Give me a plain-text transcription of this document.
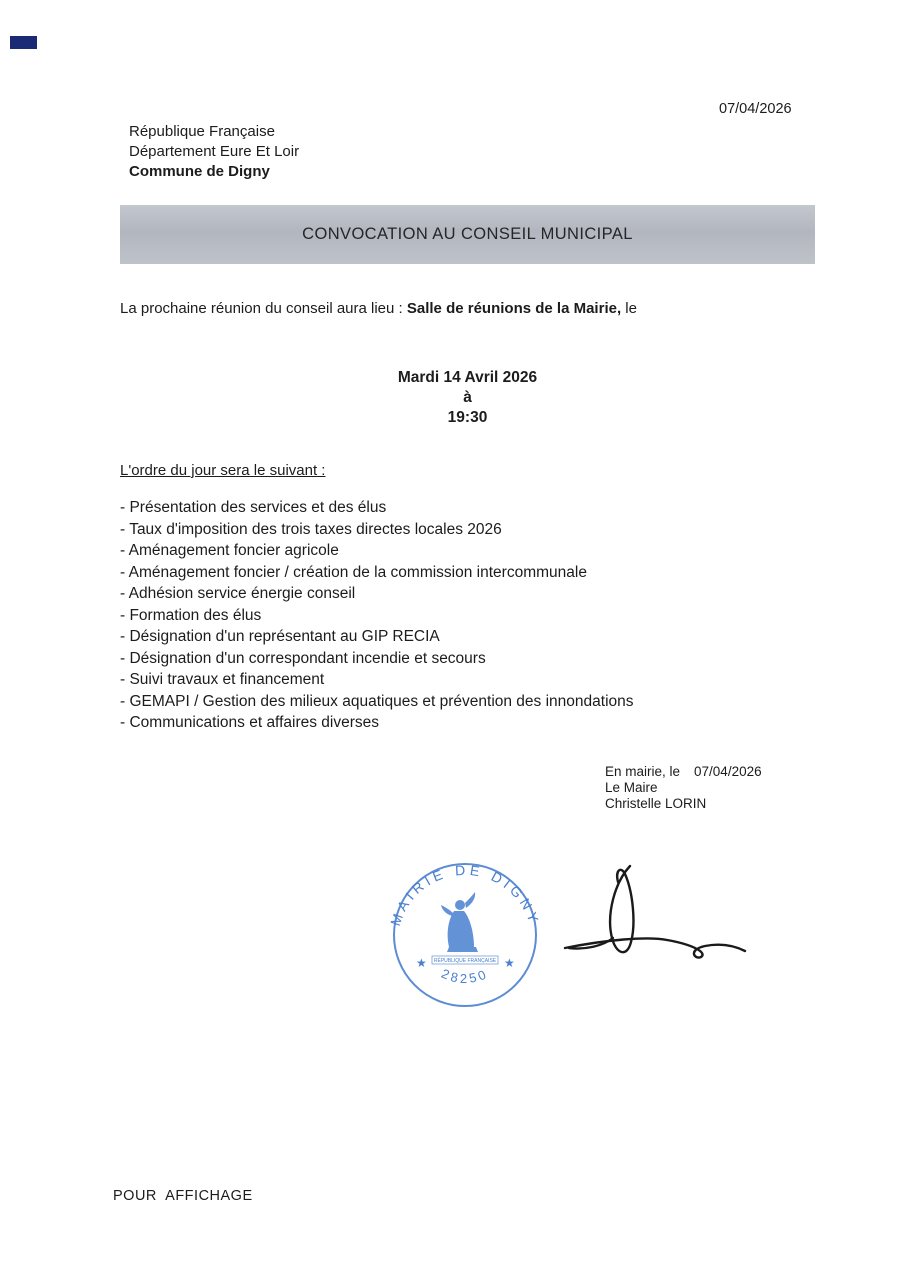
07/04/2026
République Française
Département Eure Et Loir
Commune de Digny
CONVOCATION AU CONSEIL MUNICIPAL
La prochaine réunion du conseil aura lieu : Salle de réunions de la Mairie, le
Mardi 14 Avril 2026
à
19:30
L'ordre du jour sera le suivant :
- Présentation des services et des élus
- Taux d'imposition des trois taxes directes locales 2026
- Aménagement foncier agricole
- Aménagement foncier / création de la commission intercommunale
- Adhésion service énergie conseil
- Formation des élus
- Désignation d'un représentant au GIP RECIA
- Désignation d'un correspondant incendie et secours
- Suivi travaux et financement
- GEMAPI / Gestion des milieux aquatiques et prévention des innondations
- Communications et affaires diverses
En mairie, le 07/04/2026
Le Maire
Christelle LORIN
MAIRIE DE DIGNY
28250
★	★
RÉPUBLIQUE FRANÇAISE
POUR  AFFICHAGE
